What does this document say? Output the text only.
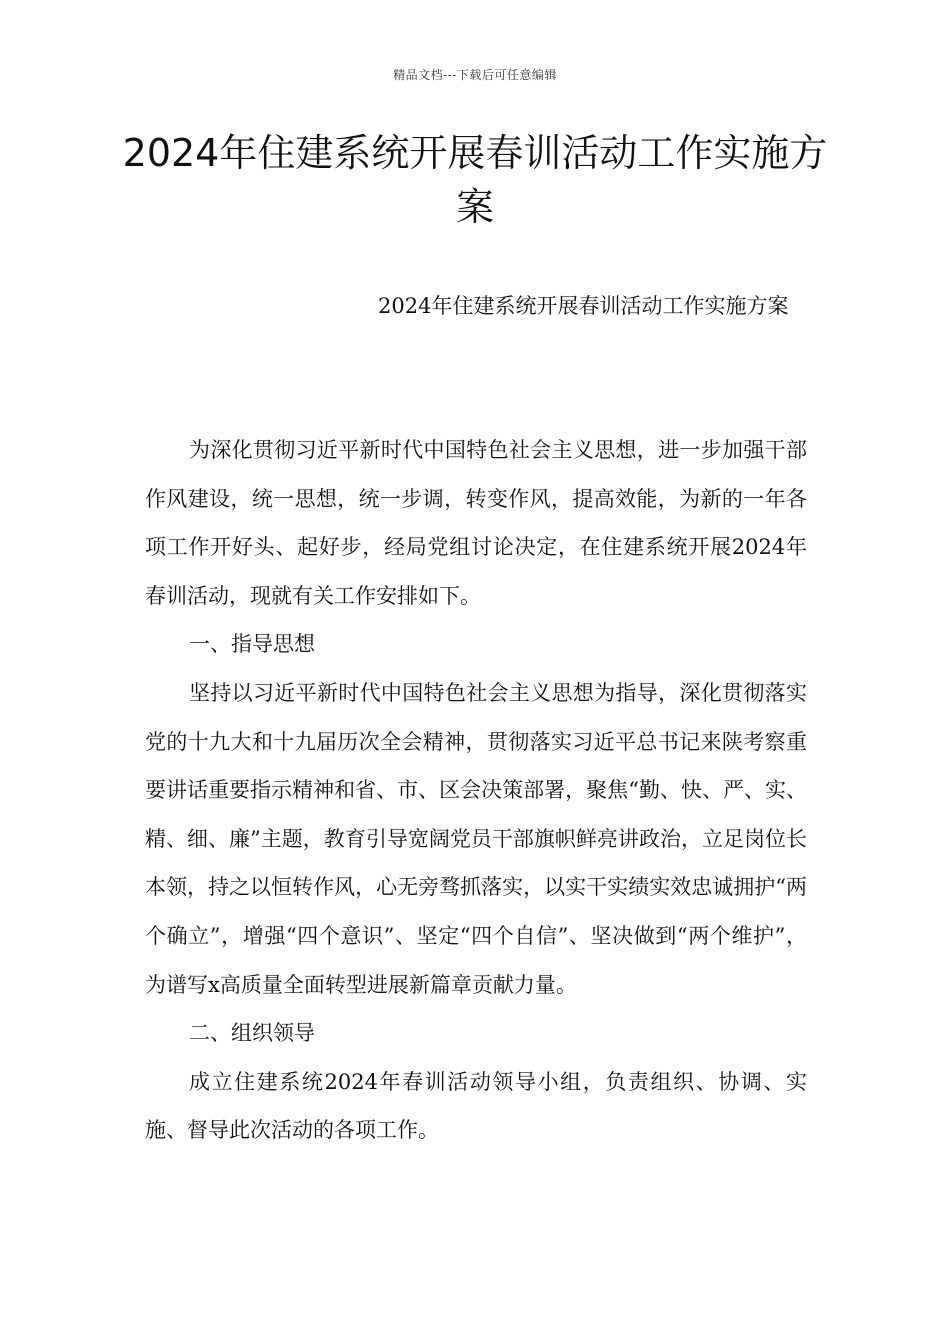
精品文档---下载后可任意编辑
2024年住建系统开展春训活动工作实施方案

2024年住建系统开展春训活动工作实施方案

为深化贯彻习近平新时代中国特色社会主义思想，进一步加强干部作风建设，统一思想，统一步调，转变作风，提高效能，为新的一年各项工作开好头、起好步，经局党组讨论决定，在住建系统开展2024年春训活动，现就有关工作安排如下。

一、指导思想

坚持以习近平新时代中国特色社会主义思想为指导，深化贯彻落实党的十九大和十九届历次全会精神，贯彻落实习近平总书记来陕考察重要讲话重要指示精神和省、市、区会决策部署，聚焦“勤、快、严、实、精、细、廉”主题，教育引导宽阔党员干部旗帜鲜亮讲政治，立足岗位长本领，持之以恒转作风，心无旁骛抓落实，以实干实绩实效忠诚拥护“两个确立”，增强“四个意识”、坚定“四个自信”、坚决做到“两个维护”，为谱写x高质量全面转型进展新篇章贡献力量。

二、组织领导

成立住建系统2024年春训活动领导小组，负责组织、协调、实施、督导此次活动的各项工作。
